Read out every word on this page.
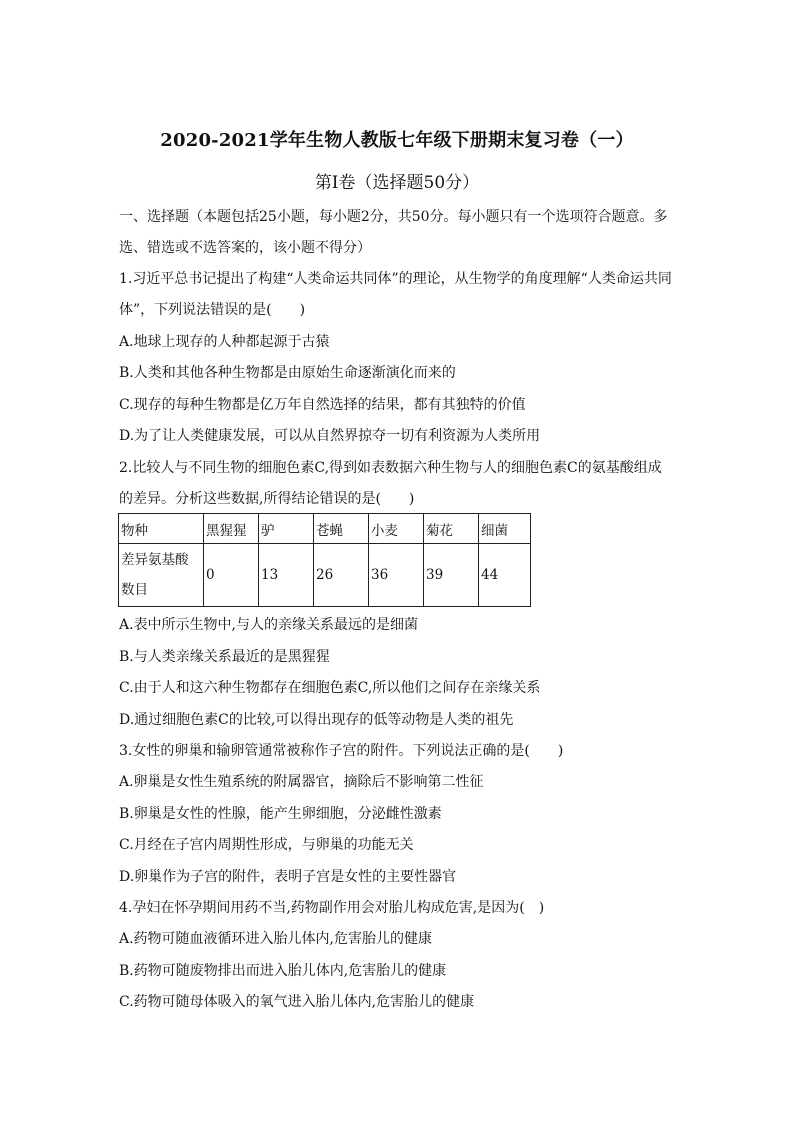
2020-2021学年生物人教版七年级下册期末复习卷（一）
第Ⅰ卷（选择题50分）
一、选择题（本题包括25小题，每小题2分，共50分。每小题只有一个选项符合题意。多
选、错选或不选答案的，该小题不得分）
1.习近平总书记提出了构建“人类命运共同体”的理论，从生物学的角度理解“人类命运共同
体”，下列说法错误的是(　　)
A.地球上现存的人种都起源于古猿
B.人类和其他各种生物都是由原始生命逐渐演化而来的
C.现存的每种生物都是亿万年自然选择的结果，都有其独特的价值
D.为了让人类健康发展，可以从自然界掠夺一切有利资源为人类所用
2.比较人与不同生物的细胞色素C,得到如表数据六种生物与人的细胞色素C的氨基酸组成
的差异。分析这些数据,所得结论错误的是(　　)
物种	黑猩猩	驴	苍蝇	小麦	菊花	细菌
差异氨基酸
数目	0	13	26	36	39	44
A.表中所示生物中,与人的亲缘关系最远的是细菌
B.与人类亲缘关系最近的是黑猩猩
C.由于人和这六种生物都存在细胞色素C,所以他们之间存在亲缘关系
D.通过细胞色素C的比较,可以得出现存的低等动物是人类的祖先
3.女性的卵巢和输卵管通常被称作子宫的附件。下列说法正确的是(　　)
A.卵巢是女性生殖系统的附属器官，摘除后不影响第二性征
B.卵巢是女性的性腺，能产生卵细胞，分泌雌性激素
C.月经在子宫内周期性形成，与卵巢的功能无关
D.卵巢作为子宫的附件，表明子宫是女性的主要性器官
4.孕妇在怀孕期间用药不当,药物副作用会对胎儿构成危害,是因为(　)
A.药物可随血液循环进入胎儿体内,危害胎儿的健康
B.药物可随废物排出而进入胎儿体内,危害胎儿的健康
C.药物可随母体吸入的氧气进入胎儿体内,危害胎儿的健康
